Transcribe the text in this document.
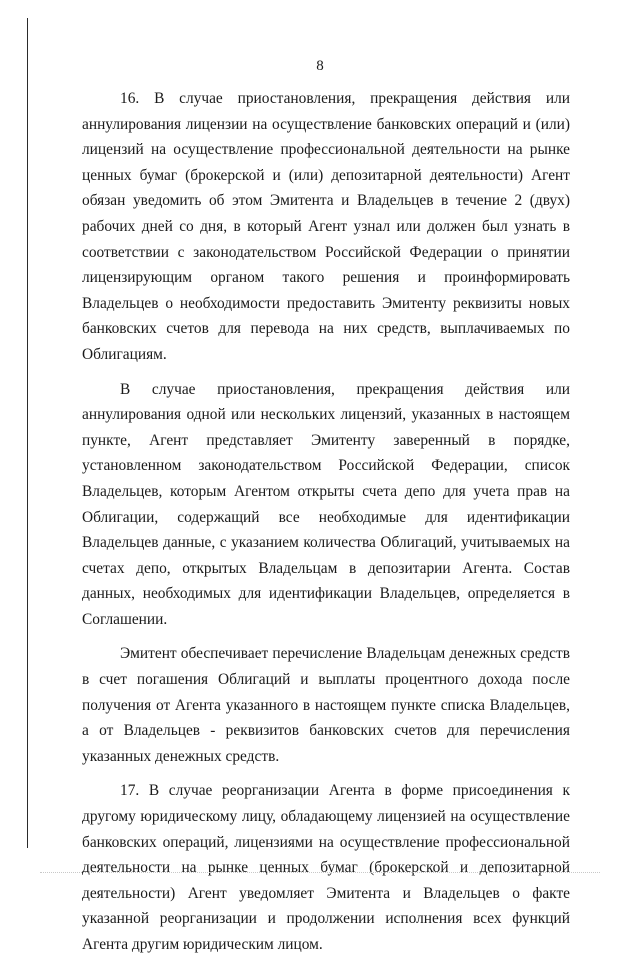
8

16. В случае приостановления, прекращения действия или аннулирования лицензии на осуществление банковских операций и (или) лицензий на осуществление профессиональной деятельности на рынке ценных бумаг (брокерской и (или) депозитарной деятельности) Агент обязан уведомить об этом Эмитента и Владельцев в течение 2 (двух) рабочих дней со дня, в который Агент узнал или должен был узнать в соответствии с законодательством Российской Федерации о принятии лицензирующим органом такого решения и проинформировать Владельцев о необходимости предоставить Эмитенту реквизиты новых банковских счетов для перевода на них средств, выплачиваемых по Облигациям.

В случае приостановления, прекращения действия или аннулирования одной или нескольких лицензий, указанных в настоящем пункте, Агент представляет Эмитенту заверенный в порядке, установленном законодательством Российской Федерации, список Владельцев, которым Агентом открыты счета депо для учета прав на Облигации, содержащий все необходимые для идентификации Владельцев данные, с указанием количества Облигаций, учитываемых на счетах депо, открытых Владельцам в депозитарии Агента. Состав данных, необходимых для идентификации Владельцев, определяется в Соглашении.

Эмитент обеспечивает перечисление Владельцам денежных средств в счет погашения Облигаций и выплаты процентного дохода после получения от Агента указанного в настоящем пункте списка Владельцев, а от Владельцев - реквизитов банковских счетов для перечисления указанных денежных средств.

17. В случае реорганизации Агента в форме присоединения к другому юридическому лицу, обладающему лицензией на осуществление банковских операций, лицензиями на осуществление профессиональной деятельности на рынке ценных бумаг (брокерской и депозитарной деятельности) Агент уведомляет Эмитента и Владельцев о факте указанной реорганизации и продолжении исполнения всех функций Агента другим юридическим лицом.
